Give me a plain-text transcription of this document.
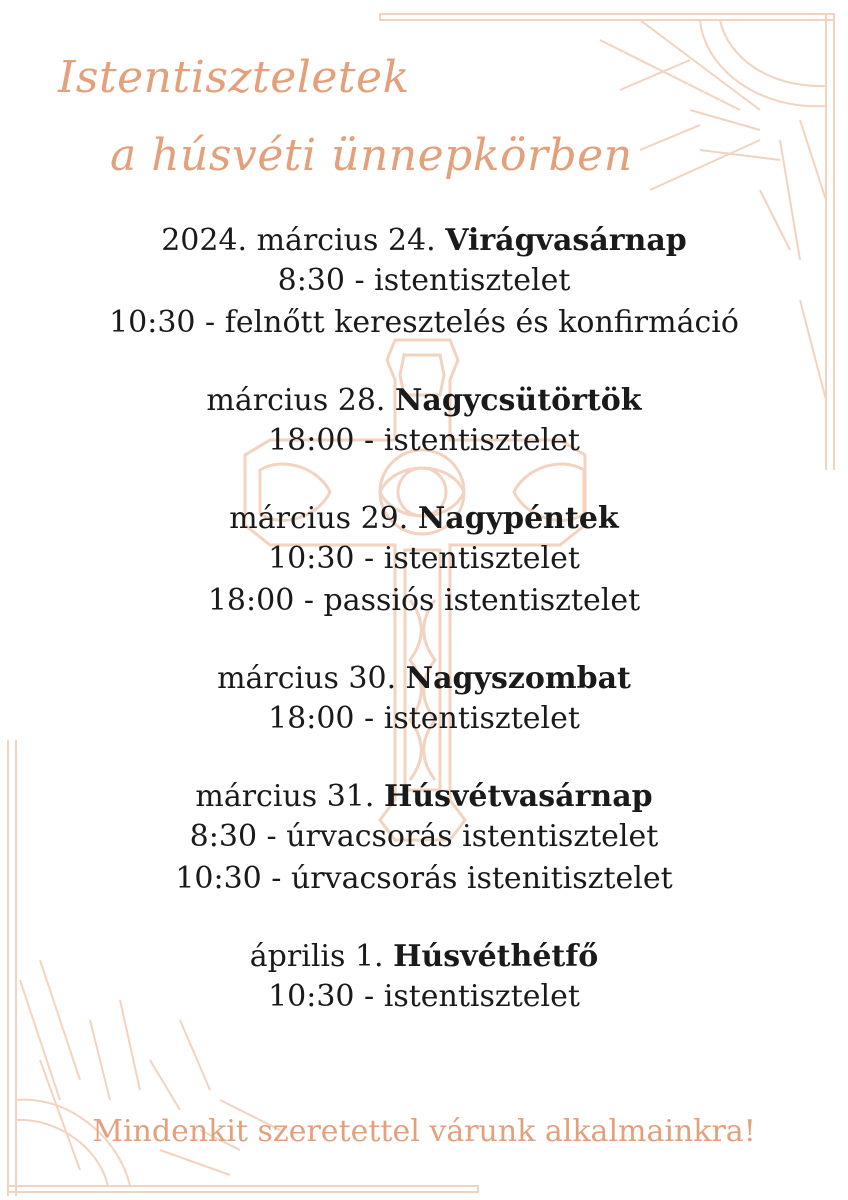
Istentiszteletek
a húsvéti ünnepkörben
2024. március 24. Virágvasárnap
8:30 - istentisztelet
10:30 - felnőtt keresztelés és konfirmáció
március 28. Nagycsütörtök
18:00 - istentisztelet
március 29. Nagypéntek
10:30 - istentisztelet
18:00 - passiós istentisztelet
március 30. Nagyszombat
18:00 - istentisztelet
március 31. Húsvétvasárnap
8:30 - úrvacsorás istentisztelet
10:30 - úrvacsorás istenitisztelet
április 1. Húsvéthétfő
10:30 - istentisztelet
Mindenkit szeretettel várunk alkalmainkra!
